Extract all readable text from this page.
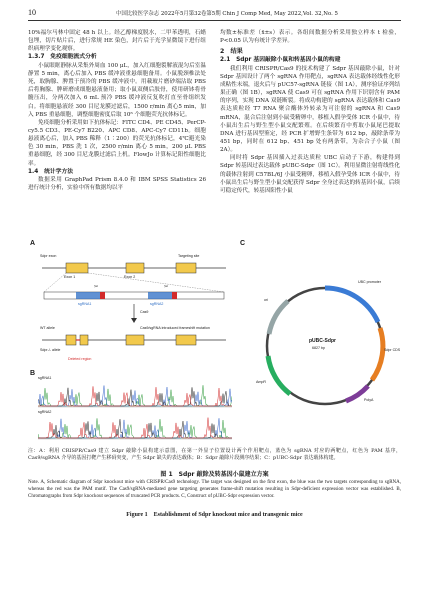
10	中国比较医学杂志 2022年5月第32卷第5期 Chin J Comp Med, May 2022,Vol. 32,No. 5

10%福尔马林中固定 48 h 以上。经乙醇梯度脱水，二甲苯透明，石蜡包埋，切片贴片后，进行常规 HE 染色，封片后于光学显微镜下进行组织病理学变化观察。

1.3.7　免疫细胞流式分析

小鼠眼眶静脉从采集外周血 100 μL，加入红细胞裂解液混匀后室温静置 5 min，离心后加入 PBS 缓冲液重悬细胞备用。小鼠脱颈椎法处死，取胸腺、脾置于预冷的 PBS 缓冲液中。用載玻片磨砂端沾取 PBS 后将胸腺、脾研磨成细胞悬液备用；取小鼠双侧后肢骨，使用研钵将骨髓压出，分两次加入 6 mL 预冷 PBS 缓冲液反复吹打直至骨组织发白。将细胞悬液经 300 目尼龙膜过滤后，1500 r/min 离心5 min，加入 PBS 重悬细胞，调整细胞密度后取 10⁶ 个细胞荧光抗体标记。

免疫细胞分析采用如下抗体标记：FITC CD4、PE CD45、PerCP-cy5.5 CD3、PE-Cy7 B220、APC CD8、APC-Cy7 CD11b。细胞悬液离心后，加入 PBS 稀释（1∶200）的荧光抗体标记，4℃避光染色 30 min，PBS 洗 1 次，2500 r/min 离心 5 min，200 μL PBS 重悬细胞，经 300 目尼龙膜过滤后上机。FlowJo 计算标记阳性细胞比率。

1.4　统计学方法

数据采用 GraphPad Prism 8.4.0 和 IBM SPSS Statistics 26 进行统计分析，实验中所有数据均以平

均数±标准差（x̄±s）表示。各组间数据分析采用独立样本 t 检验，P<0.05 认为有统计学差异。

2　结果
2.1　Sdpr 基因敲除小鼠和转基因小鼠的构建

我们利用 CRISPR/Cas9 的技术构建了 Sdpr 基因敲除小鼠，针对 Sdpr 基因设计了两个 sgRNA 作用靶点，sgRNA 表达载体经线性化形成粘性末端，退火后与 pUC57-sgRNA 链接（图 1A），测序验证序列结果正确（图 1B），sgRNA 使 Cas9 可在 sgRNA 作用下识别含有 PAM 的序列，实现 DNA 双链断裂。将成功构建的 sgRNA 表达载体和 Cas9 表达质粒经 T7 RNA 聚合酶体外转录为可注射的 sgRNA 和 Cas9 mRNA，混合后注射到小鼠受精卵中，移植入假孕受体 ICR 小鼠中，待小鼠出生后与野生型小鼠交配繁殖。在后续繁育中剪取小鼠尾巴提取 DNA 进行基因型鉴定，经 PCR 扩增野生条带为 612 bp，敲除条带为 451 bp，同时在 612 bp、451 bp 处有两条带，为杂合子小鼠（图 2A）。

同时将 Sdpr 基因插入过表达质粒 UBC 启动子下游，构建得到 Sdpr 转基因过表达载体 pUBC-Sdpr（图 1C）。利用显微注射将线性化的载体注射到 C57BL/6J 小鼠受精卵，移植入假孕受体 ICR 小鼠中，待小鼠出生后与野生型小鼠交配获得 Sdpr 全身过表达的转基因小鼠，后续可稳定传代，转基因阳性小鼠

A
✂	✂
Sdpr exon
Exon 1	Exon 2
Targeting site
sgRNA1	sgRNA2
Cas9
WT allele	Cas9/sgRNA introduced frameshift mutation
Sdpr-/- allele
Deleted region
B
sgRNA1
sgRNA2
C
pUBC-Sdpr
6827 bp
UBC promoter
Sdpr CDS
PolyA
AmpR
ori

注：A：利用 CRISPR/Cas9 建立 Sdpr 敲除小鼠构建示意图，在第一外显子位置设计两个作用靶点，蓝色为 sgRNA 对应的两靶点，红色为 PAM 基序，Cas9/sgRNA 介导的基因打靶产生移码突变，产生 Sdpr 缺失的表达载体；B：Sdpr 敲除片段测序结果；C：pUBC-Sdpr 表达载体构建。

图 1　Sdpr 敲除及转基因小鼠建立方案

Note. A, Schematic diagram of Sdpr knockout mice with CRISPR/Cas9 technology. The target was designed on the first exon, the blue was the two targets corresponding to sgRNA, whereas the red was the PAM motif. The Cas9/sgRNA-mediated gene targeting generates frame-shift mutation resulting in Sdpr-deficient expression vector was established. B, Chromatographs from Sdpr knockout sequences of truncated PCR products. C, Construct of pUBC-Sdpr expression vector.

Figure 1　Establishment of Sdpr knockout mice and transgenic mice
